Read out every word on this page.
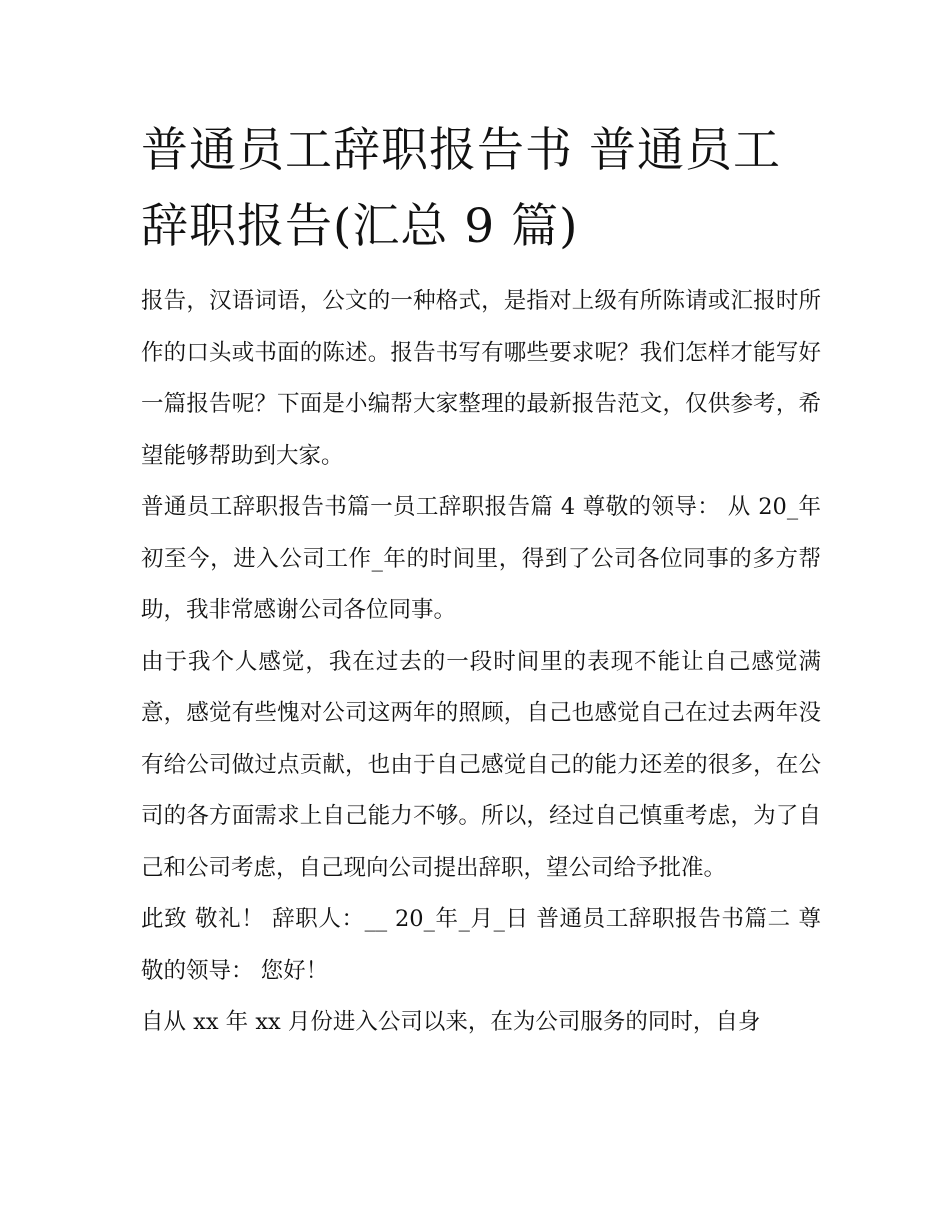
普通员工辞职报告书 普通员工辞职报告(汇总 9 篇)

报告，汉语词语，公文的一种格式，是指对上级有所陈请或汇报时所作的口头或书面的陈述。报告书写有哪些要求呢？我们怎样才能写好一篇报告呢？下面是小编帮大家整理的最新报告范文，仅供参考，希望能够帮助到大家。

普通员工辞职报告书篇一员工辞职报告篇 4 尊敬的领导： 从 20_年初至今，进入公司工作_年的时间里，得到了公司各位同事的多方帮助，我非常感谢公司各位同事。

由于我个人感觉，我在过去的一段时间里的表现不能让自己感觉满意，感觉有些愧对公司这两年的照顾，自己也感觉自己在过去两年没有给公司做过点贡献，也由于自己感觉自己的能力还差的很多，在公司的各方面需求上自己能力不够。所以，经过自己慎重考虑，为了自己和公司考虑，自己现向公司提出辞职，望公司给予批准。

此致 敬礼！ 辞职人：__ 20_年_月_日 普通员工辞职报告书篇二 尊敬的领导： 您好！

自从 xx 年 xx 月份进入公司以来，在为公司服务的同时，自身
